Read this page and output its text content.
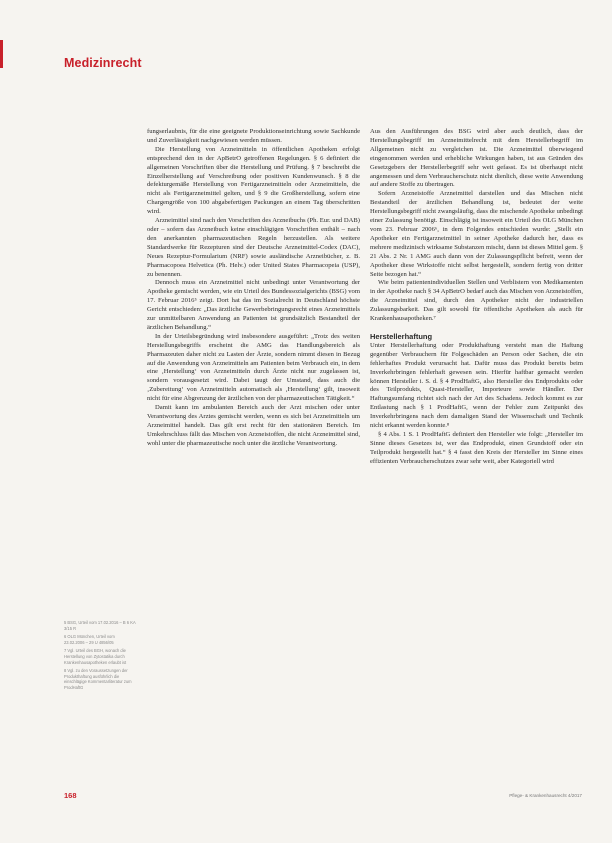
Medizinrecht

fungserlaubnis, für die eine geeignete Produktionseinrichtung sowie Sachkunde und Zuverlässigkeit nachgewiesen werden müssen.

Die Herstellung von Arzneimitteln in öffentlichen Apotheken erfolgt entsprechend den in der ApBetrO getroffenen Regelungen. § 6 definiert die allgemeinen Vorschriften über die Herstellung und Prüfung. § 7 beschreibt die Einzelherstellung auf Verschreibung oder positiven Kundenwunsch. § 8 die defekturgemäße Herstellung von Fertigarzneimitteln oder Arzneimitteln, die nicht als Fertigarzneimittel gelten, und § 9 die Großherstellung, sofern eine Chargengröße von 100 abgabefertigen Packungen an einem Tag überschritten wird.

Arzneimittel sind nach den Vorschriften des Arzneibuchs (Ph. Eur. und DAB) oder – sofern das Arzneibuch keine einschlägigen Vorschriften enthält – nach den anerkannten pharmazeutischen Regeln herzustellen. Als weitere Standardwerke für Rezepturen sind der Deutsche Arzneimittel-Codex (DAC), Neues Rezeptur-Formularium (NRF) sowie ausländische Arzneibücher, z. B. Pharmacopoea Helvetica (Ph. Helv.) oder United States Pharmacopeia (USP), zu benennen.

Dennoch muss ein Arzneimittel nicht unbedingt unter Verantwortung der Apotheke gemischt werden, wie ein Urteil des Bundessozialgerichts (BSG) vom 17. Februar 2016⁵ zeigt. Dort hat das im Sozialrecht in Deutschland höchste Gericht entschieden: „Das ärztliche Gewerbebringungsrecht eines Arzneimittels zur unmittelbaren Anwendung an Patienten ist grundsätzlich Bestandteil der ärztlichen Behandlung.“

In der Urteilsbegründung wird insbesondere ausgeführt: „Trotz des weiten Herstellungsbegriffs erscheint die AMG das Handlungsbereich als Pharmazeuten daher nicht zu Lasten der Ärzte, sondern nimmt diesen in Bezug auf die Anwendung von Arzneimitteln am Patienten beim Verbrauch ein, in dem eine ‚Herstellung‘ von Arzneimitteln durch Ärzte nicht nur zugelassen ist, sondern vorausgesetzt wird. Dabei taugt der Umstand, dass auch die ‚Zubereitung‘ von Arzneimitteln automatisch als ‚Herstellung‘ gilt, insoweit nicht für eine Abgrenzung der ärztlichen von der pharmazeutischen Tätigkeit.“

Damit kann im ambulanten Bereich auch der Arzt mischen oder unter Verantwortung des Arztes gemischt werden, wenn es sich bei Arzneimitteln um Arzneimittel handelt. Das gilt erst recht für den stationären Bereich. Im Umkehrschluss fällt das Mischen von Arzneistoffen, die nicht Arzneimittel sind, wohl unter die pharmazeutische noch unter die ärztliche Verantwortung.

Aus den Ausführungen des BSG wird aber auch deutlich, dass der Herstellungsbegriff im Arzneimittelrecht mit dem Herstellerbegriff im Allgemeinen nicht zu vergleichen ist. Die Arzneimittel überwiegend eingenommen werden und erhebliche Wirkungen haben, ist aus Gründen des Gesetzgebers der Herstellerbegriff sehr weit gefasst. Es ist überhaupt nicht angemessen und dem Verbraucherschutz nicht dienlich, diese weite Anwendung auf andere Stoffe zu übertragen.

Sofern Arzneistoffe Arzneimittel darstellen und das Mischen nicht Bestandteil der ärztlichen Behandlung ist, bedeutet der weite Herstellungsbegriff nicht zwangsläufig, dass die mischende Apotheke unbedingt einer Zulassung benötigt. Einschlägig ist insoweit ein Urteil des OLG München vom 23. Februar 2006⁶, in dem Folgendes entschieden wurde: „Stellt ein Apotheker ein Fertigarzneimittel in seiner Apotheke dadurch her, dass es mehrere medizinisch wirksame Substanzen mischt, dann ist dieses Mittel gem. § 21 Abs. 2 Nr. 1 AMG auch dann von der Zulassungspflicht befreit, wenn der Apotheker diese Wirkstoffe nicht selbst hergestellt, sondern fertig von dritter Seite bezogen hat.“

Wie beim patientenindividuellen Stellen und Verblistern von Medikamenten in der Apotheke nach § 34 ApBetrO bedarf auch das Mischen von Arzneistoffen, die Arzneimittel sind, durch den Apotheker nicht der industriellen Zulassungsbarkeit. Das gilt sowohl für öffentliche Apotheken als auch für Krankenhausapotheken.⁷

Herstellerhaftung

Unter Herstellerhaftung oder Produkthaftung versteht man die Haftung gegenüber Verbrauchern für Folgeschäden an Person oder Sachen, die ein fehlerhaftes Produkt verursacht hat. Dafür muss das Produkt bereits beim Inverkehrbringen fehlerhaft gewesen sein. Hierfür haftbar gemacht werden können Hersteller i. S. d. § 4 ProdHaftG, also Hersteller des Endprodukts oder des Teilprodukts, Quasi-Hersteller, Importeure sowie Händler. Der Haftungsumfang richtet sich nach der Art des Schadens. Jedoch kommt es zur Entlastung nach § 1 ProdHaftG, wenn der Fehler zum Zeitpunkt des Inverkehrbringens nach dem damaligen Stand der Wissenschaft und Technik nicht erkannt werden konnte.⁸

§ 4 Abs. 1 S. 1 ProdHaftG definiert den Hersteller wie folgt: „Hersteller im Sinne dieses Gesetzes ist, wer das Endprodukt, einen Grundstoff oder ein Teilprodukt hergestellt hat.“ § 4 fasst den Kreis der Hersteller im Sinne eines effizienten Verbraucherschutzes zwar sehr weit, aber Kategoriell wird

5 BSG, Urteil vom 17.02.2016 – B 6 KA 3/15 R
6 OLG München, Urteil vom 23.02.2006 – 29 U 4856/05
7 Vgl. Urteil des BGH, wonach die Herstellung von Zytostatika durch Krankenhausapotheken erlaubt ist
8 Vgl. zu den Voraussetzungen der Produkthaftung ausführlich die einschlägige Kommentarliteratur zum ProdHaftG
168	Pflege- & Krankenhausrecht 4/2017
